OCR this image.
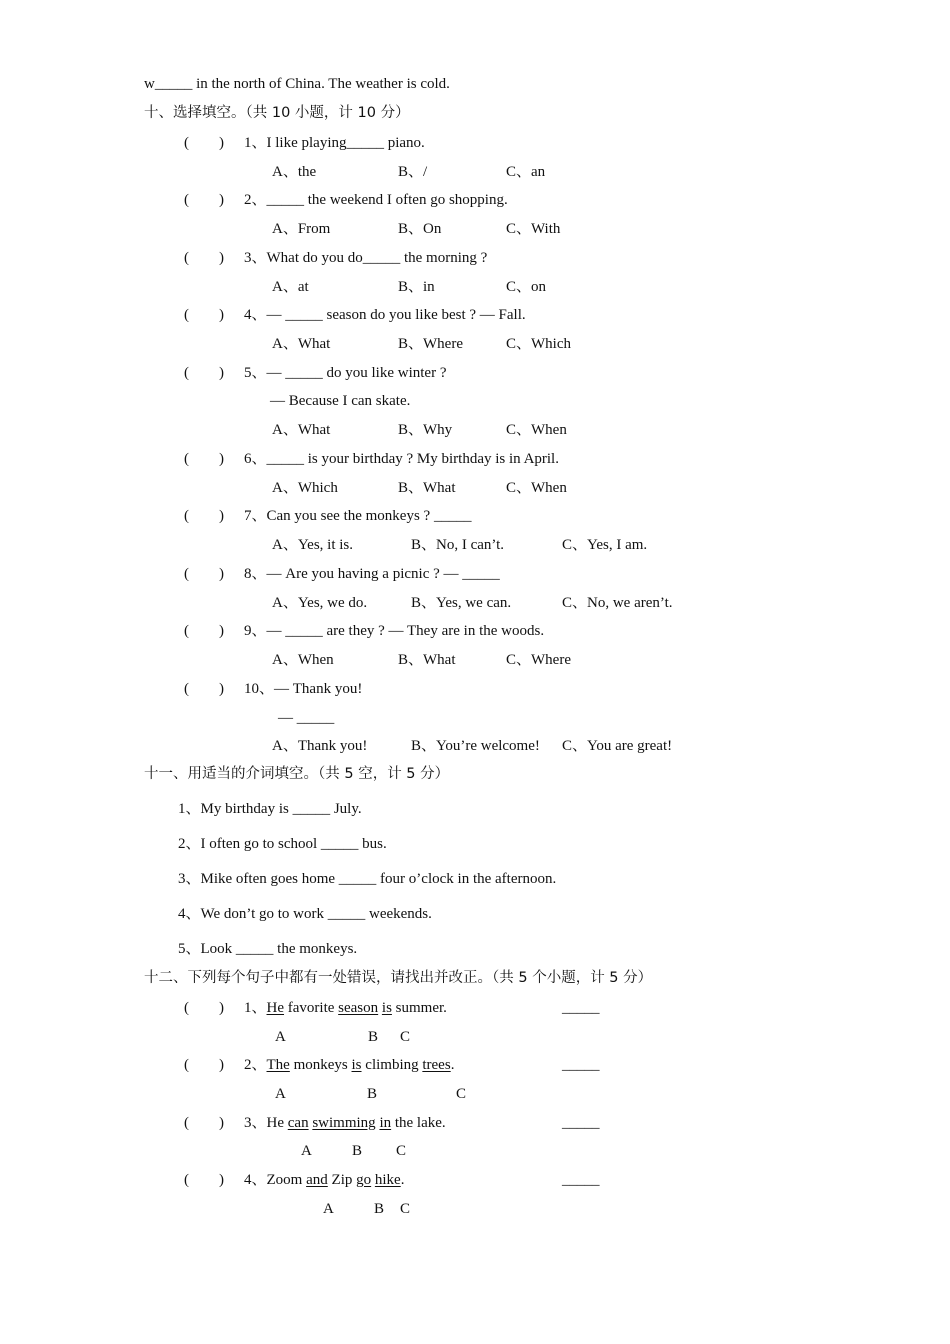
w_____ in the north of China. The weather is cold.
十、选择填空。（共 10 小题，计 10 分）
(        ) 1、I like playing_____ piano.
A、the	B、/	C、an
(        ) 2、_____ the weekend I often go shopping.
A、From	B、On	C、With
(        ) 3、What do you do_____ the morning ?
A、at	B、in	C、on
(        ) 4、— _____ season do you like best ? — Fall.
A、What	B、Where	C、Which
(        ) 5、— _____ do you like winter ?
— Because I can skate.
A、What	B、Why	C、When
(        ) 6、_____ is your birthday ? My birthday is in April.
A、Which	B、What	C、When
(        ) 7、Can you see the monkeys ? _____
A、Yes, it is.	B、No, I can’t.	C、Yes, I am.
(        ) 8、— Are you having a picnic ? — _____
A、Yes, we do.	B、Yes, we can.	C、No, we aren’t.
(        ) 9、— _____ are they ? — They are in the woods.
A、When	B、What	C、Where
(        ) 10、— Thank you!
— _____
A、Thank you!	B、You’re welcome! C、You are great!
十一、用适当的介词填空。（共 5 空，计 5 分）
1、My birthday is _____ July.
2、I often go to school _____ bus.
3、Mike often goes home _____ four o’clock in the afternoon.
4、We don’t go to work _____ weekends.
5、Look _____ the monkeys.
十二、下列每个句子中都有一处错误，请找出并改正。（共 5 个小题，计 5 分）
(        ) 1、He favorite season is summer.	_____
A	B C
(        ) 2、The monkeys is climbing trees.	_____
A	B	C
(        ) 3、He can swimming in the lake.	_____
A	B C
(        ) 4、Zoom and Zip go hike.	_____
A	B C
